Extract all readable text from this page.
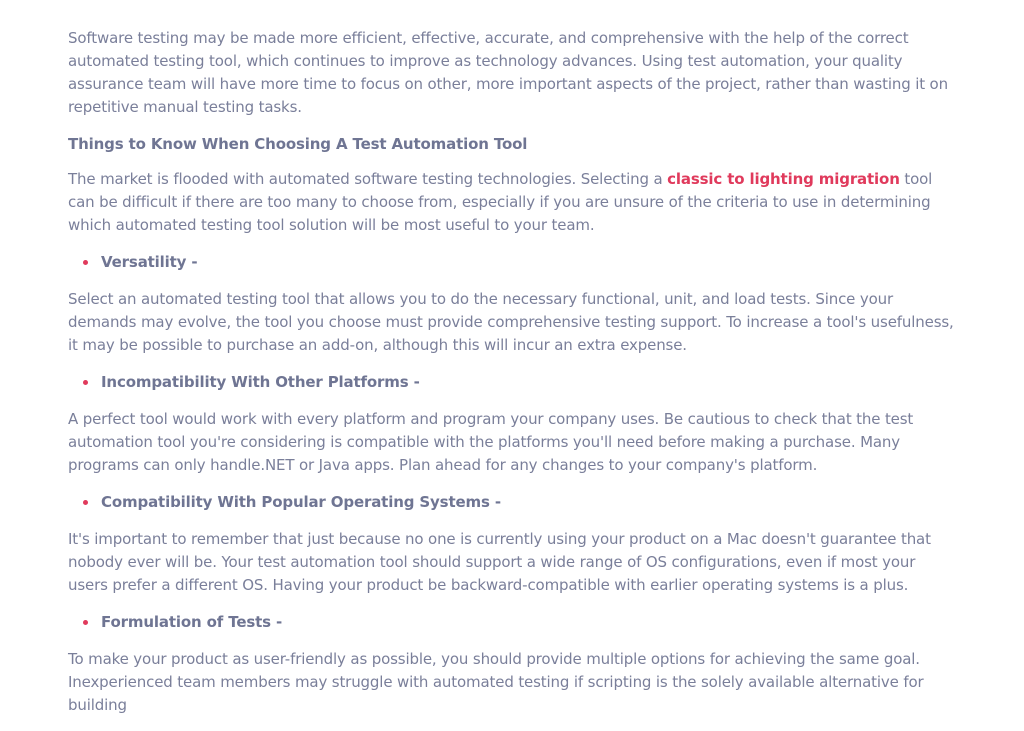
Software testing may be made more efficient, effective, accurate, and comprehensive with the help of the correct automated testing tool, which continues to improve as technology advances. Using test automation, your quality assurance team will have more time to focus on other, more important aspects of the project, rather than wasting it on repetitive manual testing tasks.

Things to Know When Choosing A Test Automation Tool

The market is flooded with automated software testing technologies. Selecting a classic to lighting migration tool can be difficult if there are too many to choose from, especially if you are unsure of the criteria to use in determining which automated testing tool solution will be most useful to your team.

Versatility -

Select an automated testing tool that allows you to do the necessary functional, unit, and load tests. Since your demands may evolve, the tool you choose must provide comprehensive testing support. To increase a tool's usefulness, it may be possible to purchase an add-on, although this will incur an extra expense.

Incompatibility With Other Platforms -

A perfect tool would work with every platform and program your company uses. Be cautious to check that the test automation tool you're considering is compatible with the platforms you'll need before making a purchase. Many programs can only handle.NET or Java apps. Plan ahead for any changes to your company's platform.

Compatibility With Popular Operating Systems -

It's important to remember that just because no one is currently using your product on a Mac doesn't guarantee that nobody ever will be. Your test automation tool should support a wide range of OS configurations, even if most your users prefer a different OS. Having your product be backward-compatible with earlier operating systems is a plus.

Formulation of Tests -

To make your product as user-friendly as possible, you should provide multiple options for achieving the same goal. Inexperienced team members may struggle with automated testing if scripting is the solely available alternative for building
